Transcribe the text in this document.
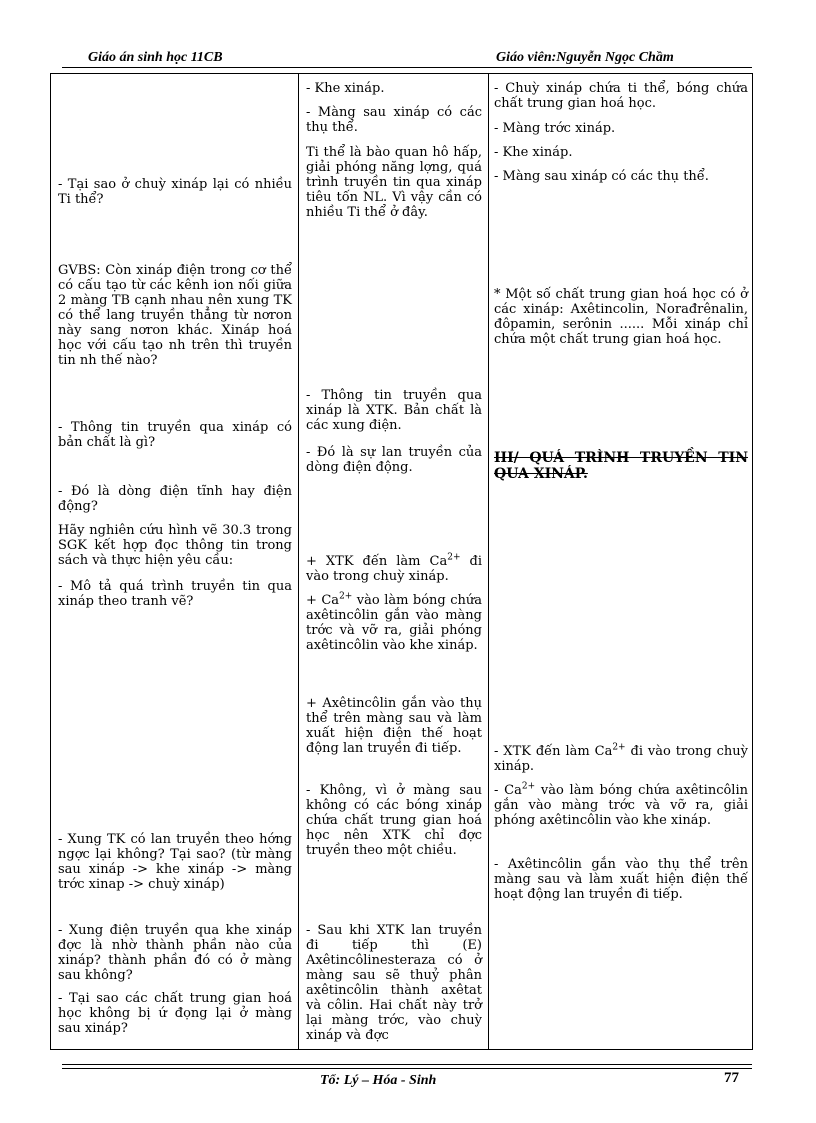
Giáo án sinh học 11CB	Giáo viên:Nguyễn Ngọc Chầm
- Tại sao ở chuỳ xináp lại có nhiều Ti thể?
GVBS: Còn xináp điện trong cơ thể có cấu tạo từ các kênh ion nối giữa 2 màng TB cạnh nhau nên xung TK có thể lang truyền thẳng từ nơron này sang nơron khác. Xináp hoá học với cấu tạo nh trên thì truyền tin nh thế nào?
- Thông tin truyền qua xináp có bản chất là gì?
- Đó là dòng điện tĩnh hay điện động?
Hãy nghiên cứu hình vẽ 30.3 trong SGK kết hợp đọc thông tin trong sách và thực hiện yêu cầu:
- Mô tả quá trình truyền tin qua xináp theo tranh vẽ?
- Xung TK có lan truyền theo hớng ngợc lại không? Tại sao? (từ màng sau xináp -> khe xináp -> màng trớc xinap -> chuỳ xináp)
- Xung điện truyền qua khe xináp đợc là nhờ thành phần nào của xináp? thành phần đó có ở màng sau không?
- Tại sao các chất trung gian hoá học không bị ứ đọng lại ở màng sau xináp?
- Khe xináp.
- Màng sau xináp có các thụ thể.
Ti thể là bào quan hô hấp, giải phóng năng lợng, quá trình truyền tin qua xináp tiêu tốn NL. Vì vậy cần có nhiều Ti thể ở đây.
- Thông tin truyền qua xináp là XTK. Bản chất là các xung điện.
- Đó là sự lan truyền của dòng điện động.
+ XTK đến làm $Ca^{2+}$ đi vào trong chuỳ xináp.
+ $Ca^{2+}$ vào làm bóng chứa axêtincôlin gắn vào màng trớc và vỡ ra, giải phóng axêtincôlin vào khe xináp.
+ Axêtincôlin gắn vào thụ thể trên màng sau và làm xuất hiện điện thế hoạt động lan truyền đi tiếp.
- Không, vì ở màng sau không có các bóng xináp chứa chất trung gian hoá học nên XTK chỉ đợc truyền theo một chiều.
- Sau khi XTK lan truyền đi tiếp thì (E) Axêtincôlinesteraza có ở màng sau sẽ thuỷ phân axêtincôlin thành axêtat và côlin. Hai chất này trở lại màng trớc, vào chuỳ xináp và đợc
- Chuỳ xináp chứa ti thể, bóng chứa chất trung gian hoá học.
- Màng trớc xináp.
- Khe xináp.
- Màng sau xináp có các thụ thể.
* Một số chất trung gian hoá học có ở các xináp: Axêtincolin, Norađrênalin, đôpamin, serônin ...... Mỗi xináp chỉ chứa một chất trung gian hoá học.
III/ QUÁ TRÌNH TRUYỀN TIN QUA XINÁP.
- XTK đến làm $Ca^{2+}$ đi vào trong chuỳ xináp.
- $Ca^{2+}$ vào làm bóng chứa axêtincôlin gắn vào màng trớc và vỡ ra, giải phóng axêtincôlin vào khe xináp.
- Axêtincôlin gắn vào thụ thể trên màng sau và làm xuất hiện điện thế hoạt động lan truyền đi tiếp.
Tổ: Lý – Hóa - Sinh	77
